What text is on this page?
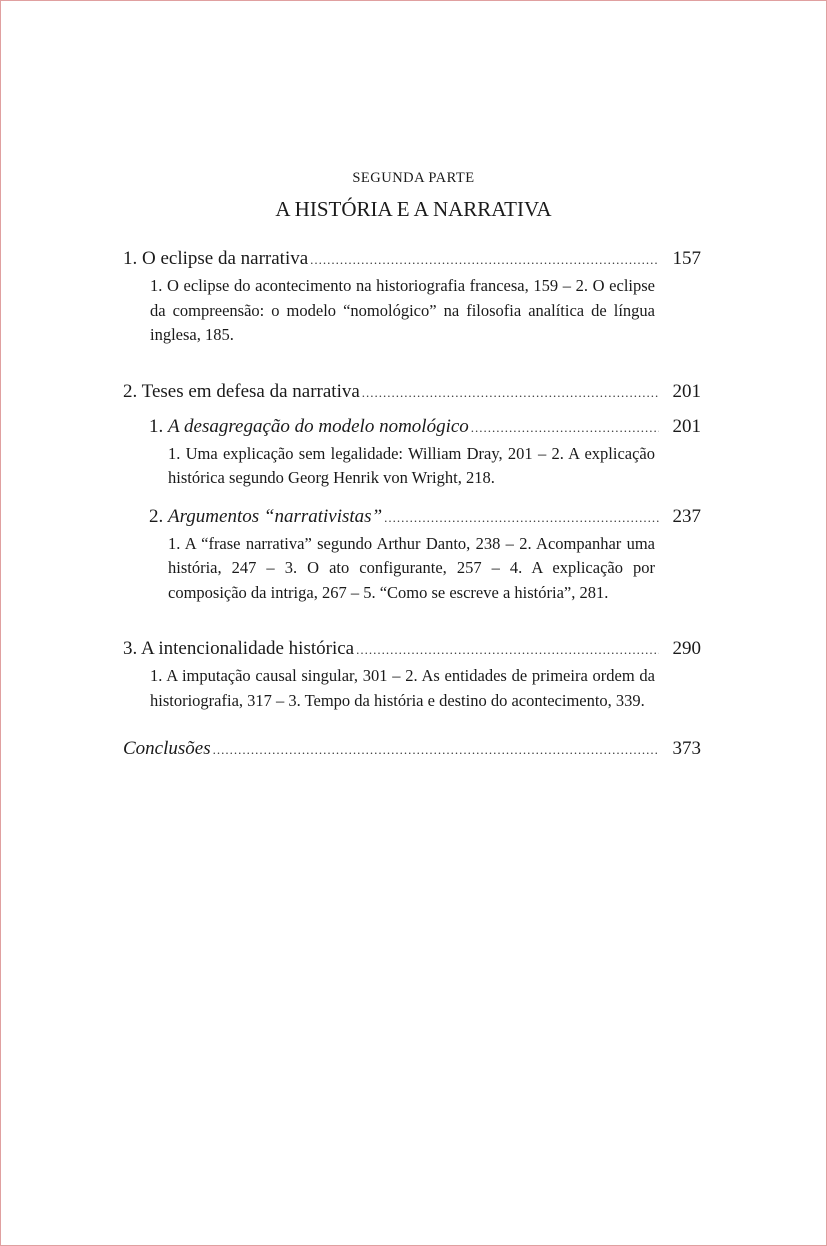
SEGUNDA PARTE
A HISTÓRIA E A NARRATIVA
1. O eclipse da narrativa .....	157
1. O eclipse do acontecimento na historiografia francesa, 159 – 2. O eclipse da compreensão: o modelo “nomológico” na filosofia analítica de língua inglesa, 185.
2. Teses em defesa da narrativa .....	201
1. A desagregação do modelo nomológico .....	201
1. Uma explicação sem legalidade: William Dray, 201 – 2. A explicação histórica segundo Georg Henrik von Wright, 218.
2. Argumentos “narrativistas” .....	237
1. A “frase narrativa” segundo Arthur Danto, 238 – 2. Acompanhar uma história, 247 – 3. O ato configurante, 257 – 4. A explicação por composição da intriga, 267 – 5. “Como se escreve a história”, 281.
3. A intencionalidade histórica .....	290
1. A imputação causal singular, 301 – 2. As entidades de primeira ordem da historiografia, 317 – 3. Tempo da história e destino do acontecimento, 339.
Conclusões .....	373
